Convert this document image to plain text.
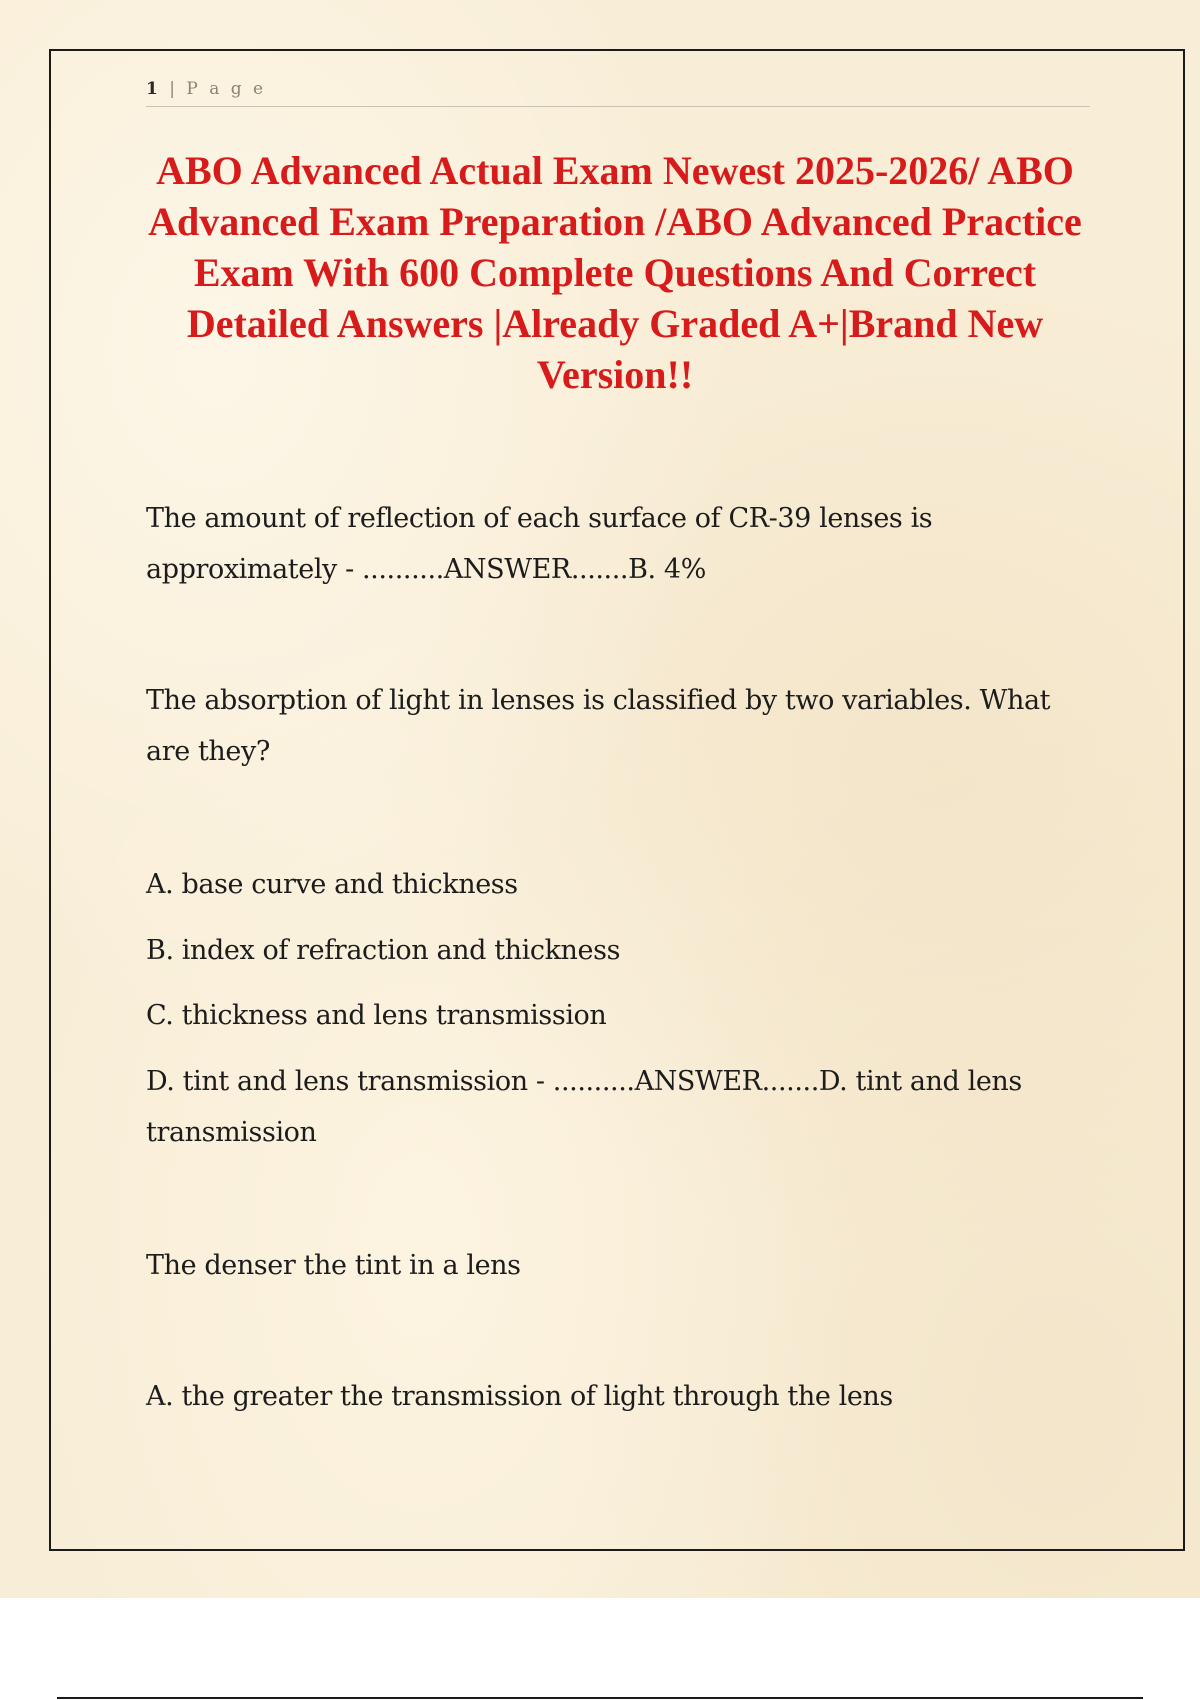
1 | P a g e
ABO Advanced Actual Exam Newest 2025-2026/ ABO Advanced Exam Preparation /ABO Advanced Practice Exam With 600 Complete Questions And Correct Detailed Answers |Already Graded A+|Brand New Version!!

The amount of reflection of each surface of CR-39 lenses is approximately - ..........ANSWER.......B. 4%

The absorption of light in lenses is classified by two variables. What are they?

A. base curve and thickness

B. index of refraction and thickness

C. thickness and lens transmission

D. tint and lens transmission - ..........ANSWER.......D. tint and lens transmission

The denser the tint in a lens

A. the greater the transmission of light through the lens
